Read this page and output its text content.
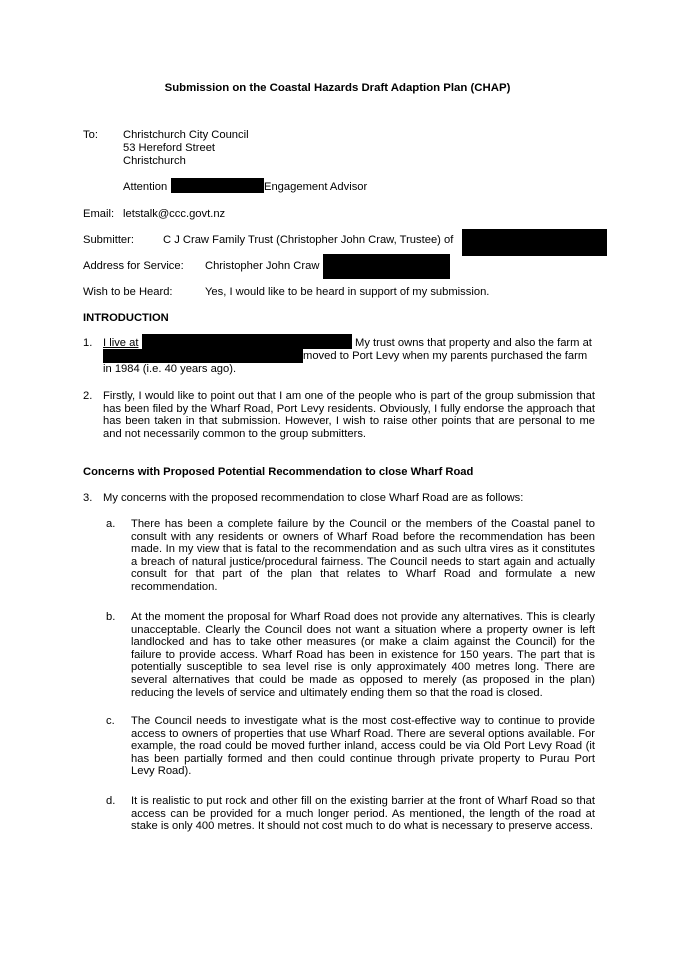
Submission on the Coastal Hazards Draft Adaption Plan (CHAP)
To: Christchurch City Council
53 Hereford Street
Christchurch
Attention	Engagement Advisor
Email: letstalk@ccc.govt.nz
Submitter:	C J Craw Family Trust (Christopher John Craw, Trustee) of
Address for Service: Christopher John Craw
Wish to be Heard:	Yes, I would like to be heard in support of my submission.
INTRODUCTION
1. I live at	My trust owns that property and also the farm at
moved to Port Levy when my parents purchased the farm
in 1984 (i.e. 40 years ago).
2. Firstly, I would like to point out that I am one of the people who is part of the group submission that has been filed by the Wharf Road, Port Levy residents. Obviously, I fully endorse the approach that has been taken in that submission. However, I wish to raise other points that are personal to me and not necessarily common to the group submitters.
Concerns with Proposed Potential Recommendation to close Wharf Road
3. My concerns with the proposed recommendation to close Wharf Road are as follows:
a. There has been a complete failure by the Council or the members of the Coastal panel to consult with any residents or owners of Wharf Road before the recommendation has been made. In my view that is fatal to the recommendation and as such ultra vires as it constitutes a breach of natural justice/procedural fairness. The Council needs to start again and actually consult for that part of the plan that relates to Wharf Road and formulate a new recommendation.
b. At the moment the proposal for Wharf Road does not provide any alternatives. This is clearly unacceptable. Clearly the Council does not want a situation where a property owner is left landlocked and has to take other measures (or make a claim against the Council) for the failure to provide access. Wharf Road has been in existence for 150 years. The part that is potentially susceptible to sea level rise is only approximately 400 metres long. There are several alternatives that could be made as opposed to merely (as proposed in the plan) reducing the levels of service and ultimately ending them so that the road is closed.
c. The Council needs to investigate what is the most cost-effective way to continue to provide access to owners of properties that use Wharf Road. There are several options available. For example, the road could be moved further inland, access could be via Old Port Levy Road (it has been partially formed and then could continue through private property to Purau Port Levy Road).
d. It is realistic to put rock and other fill on the existing barrier at the front of Wharf Road so that access can be provided for a much longer period. As mentioned, the length of the road at stake is only 400 metres. It should not cost much to do what is necessary to preserve access.
